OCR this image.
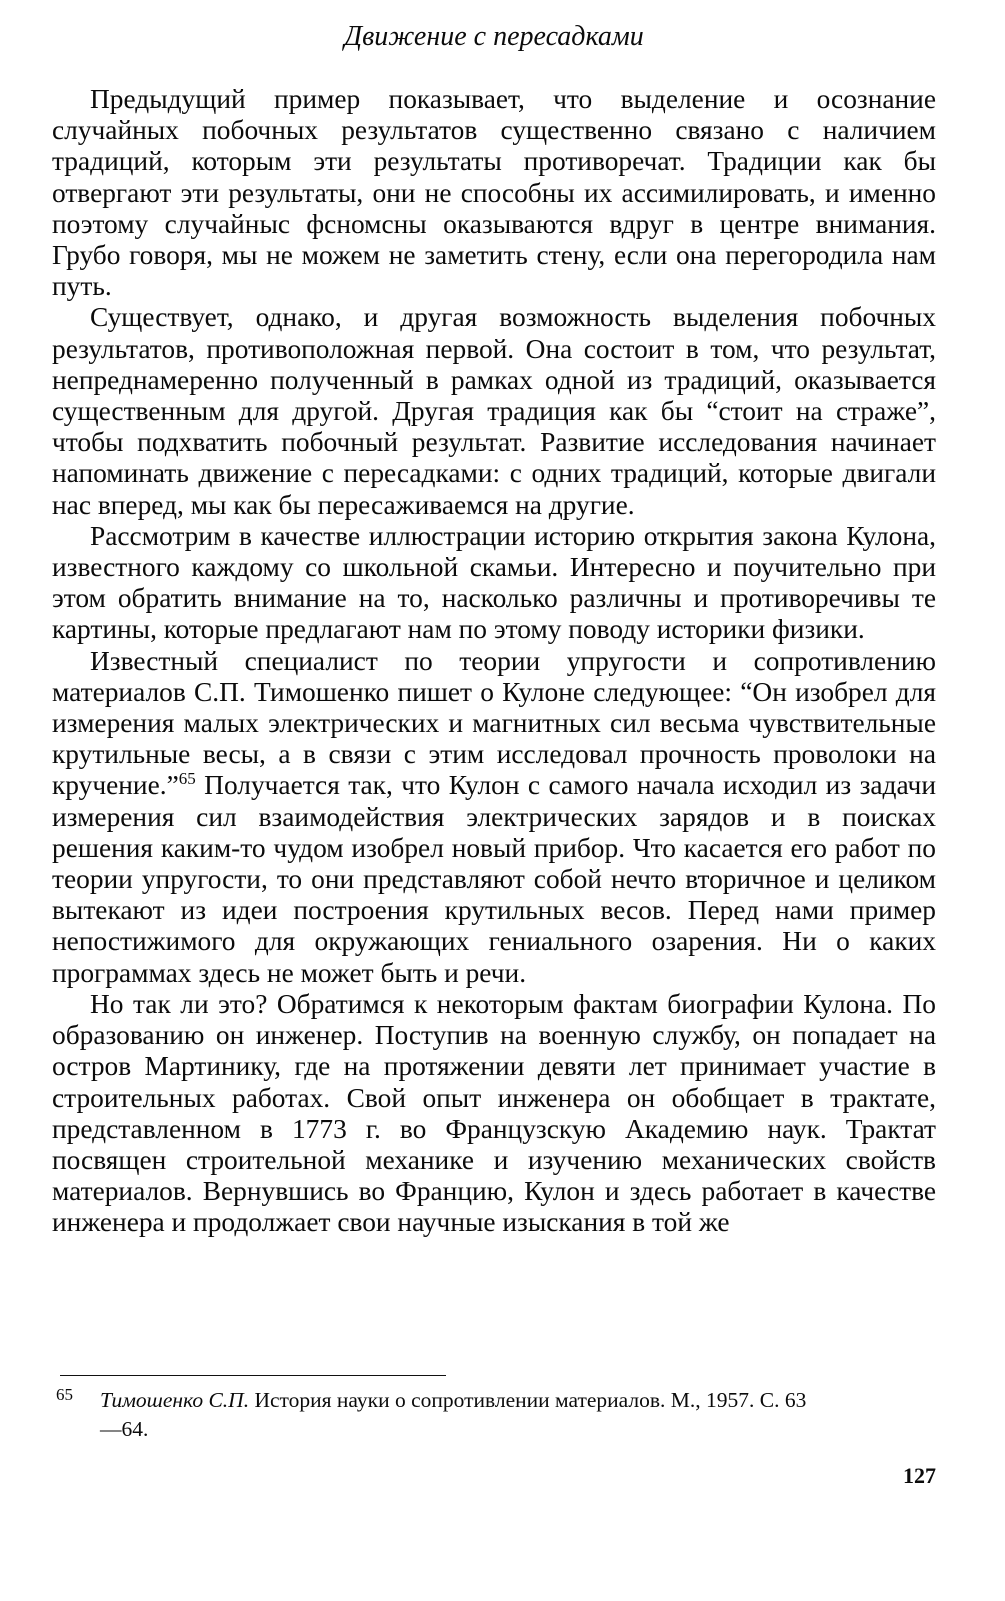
Движение с пересадками

Предыдущий пример показывает, что выделение и осознание случайных побочных результатов существенно связано с наличием традиций, которым эти результаты противоречат. Традиции как бы отвергают эти результаты, они не способны их ассимилировать, и именно поэтому случайныс фсномсны оказываются вдруг в центре внимания. Грубо говоря, мы не можем не заметить стену, если она перегородила нам путь.

Существует, однако, и другая возможность выделения побочных результатов, противоположная первой. Она состоит в том, что результат, непреднамеренно полученный в рамках одной из традиций, оказывается существенным для другой. Другая традиция как бы “стоит на страже”, чтобы подхватить побочный результат. Развитие исследования начинает напоминать движение с пересадками: с одних традиций, которые двигали нас вперед, мы как бы пересаживаемся на другие.

Рассмотрим в качестве иллюстрации историю открытия закона Кулона, известного каждому со школьной скамьи. Интересно и поучительно при этом обратить внимание на то, насколько различны и противоречивы те картины, которые предлагают нам по этому поводу историки физики.

Известный специалист по теории упругости и сопротивлению материалов С.П. Тимошенко пишет о Кулоне следующее: “Он изобрел для измерения малых электрических и магнитных сил весьма чувствительные крутильные весы, а в связи с этим исследовал прочность проволоки на кручение.”$^{65}$ Получается так, что Кулон с самого начала исходил из задачи измерения сил взаимодействия электрических зарядов и в поисках решения каким-то чудом изобрел новый прибор. Что касается его работ по теории упругости, то они представляют собой нечто вторичное и целиком вытекают из идеи построения крутильных весов. Перед нами пример непостижимого для окружающих гениального озарения. Ни о каких программах здесь не может быть и речи.

Но так ли это? Обратимся к некоторым фактам биографии Кулона. По образованию он инженер. Поступив на военную службу, он попадает на остров Мартинику, где на протяжении девяти лет принимает участие в строительных работах. Свой опыт инженера он обобщает в трактате, представленном в 1773 г. во Французскую Академию наук. Трактат посвящен строительной механике и изучению механических свойств материалов. Вернувшись во Францию, Кулон и здесь работает в качестве инженера и продолжает свои научные изыскания в той же

65	Тимошенко С.П. История науки о сопротивлении материалов. М., 1957. С. 63
—64.
127
